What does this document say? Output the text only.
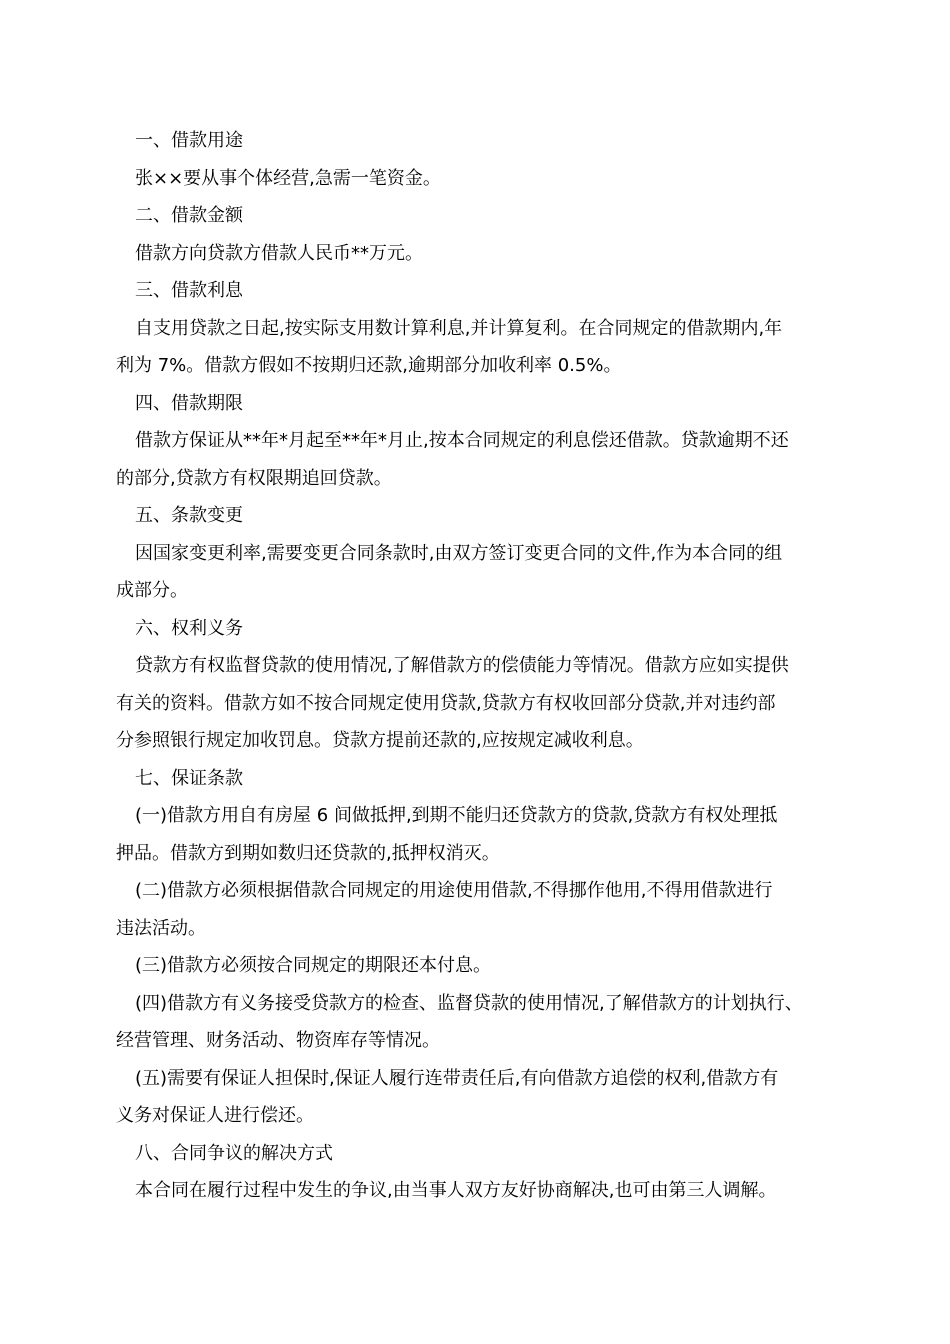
一、借款用途
张××要从事个体经营,急需一笔资金。
二、借款金额
借款方向贷款方借款人民币**万元。
三、借款利息
自支用贷款之日起,按实际支用数计算利息,并计算复利。在合同规定的借款期内,年
利为 7%。借款方假如不按期归还款,逾期部分加收利率 0.5%。
四、借款期限
借款方保证从**年*月起至**年*月止,按本合同规定的利息偿还借款。贷款逾期不还
的部分,贷款方有权限期追回贷款。
五、条款变更
因国家变更利率,需要变更合同条款时,由双方签订变更合同的文件,作为本合同的组
成部分。
六、权利义务
贷款方有权监督贷款的使用情况,了解借款方的偿债能力等情况。借款方应如实提供
有关的资料。借款方如不按合同规定使用贷款,贷款方有权收回部分贷款,并对违约部
分参照银行规定加收罚息。贷款方提前还款的,应按规定减收利息。
七、保证条款
(一)借款方用自有房屋 6 间做抵押,到期不能归还贷款方的贷款,贷款方有权处理抵
押品。借款方到期如数归还贷款的,抵押权消灭。
(二)借款方必须根据借款合同规定的用途使用借款,不得挪作他用,不得用借款进行
违法活动。
(三)借款方必须按合同规定的期限还本付息。
(四)借款方有义务接受贷款方的检查、监督贷款的使用情况,了解借款方的计划执行、
经营管理、财务活动、物资库存等情况。
(五)需要有保证人担保时,保证人履行连带责任后,有向借款方追偿的权利,借款方有
义务对保证人进行偿还。
八、合同争议的解决方式
本合同在履行过程中发生的争议,由当事人双方友好协商解决,也可由第三人调解。
